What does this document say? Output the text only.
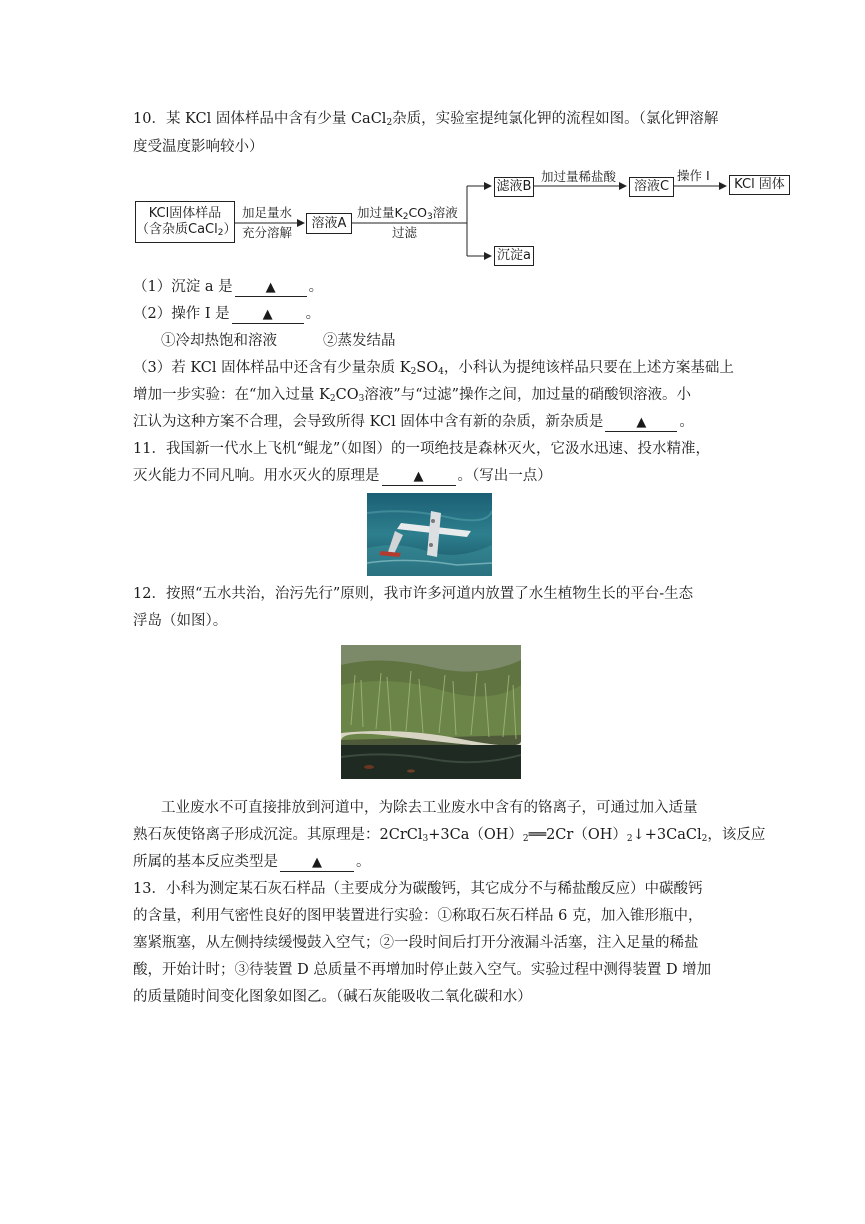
10．某 KCl 固体样品中含有少量 CaCl$_2$杂质，实验室提纯氯化钾的流程如图。（氯化钾溶解
度受温度影响较小）
KCl固体样品
（含杂质CaCl$_2$）
加足量水
充分溶解
溶液A
加过量$K_2CO_3$溶液
过滤
滤液B
加过量稀盐酸
溶液C
操作 I
KCl 固体
沉淀a
（1）沉淀 a 是	▲ 。
（2）操作 I 是	▲ 。
①冷却热饱和溶液	②蒸发结晶
（3）若 KCl 固体样品中还含有少量杂质 $K_2SO_4$，小科认为提纯该样品只要在上述方案基础上
增加一步实验：在“加入过量 $K_2CO_3$溶液”与“过滤”操作之间，加过量的硝酸钡溶液。小
江认为这种方案不合理，会导致所得 KCl 固体中含有新的杂质，新杂质是	▲ 。
11．我国新一代水上飞机“鲲龙”（如图）的一项绝技是森林灭火，它汲水迅速、投水精准，
灭火能力不同凡响。用水灭火的原理是	▲ 。（写出一点）
12．按照“五水共治，治污先行”原则，我市许多河道内放置了水生植物生长的平台-生态
浮岛（如图）。
工业废水不可直接排放到河道中，为除去工业废水中含有的铬离子，可通过加入适量
熟石灰使铬离子形成沉淀。其原理是：$2CrCl_3+3Ca(OH)_2══2Cr(OH)_2↓+3CaCl_2$，该反应
所属的基本反应类型是	▲ 。
13．小科为测定某石灰石样品（主要成分为碳酸钙，其它成分不与稀盐酸反应）中碳酸钙
的含量，利用气密性良好的图甲装置进行实验：①称取石灰石样品 6 克，加入锥形瓶中，
塞紧瓶塞，从左侧持续缓慢鼓入空气；②一段时间后打开分液漏斗活塞，注入足量的稀盐
酸，开始计时；③待装置 D 总质量不再增加时停止鼓入空气。实验过程中测得装置 D 增加
的质量随时间变化图象如图乙。（碱石灰能吸收二氧化碳和水）
